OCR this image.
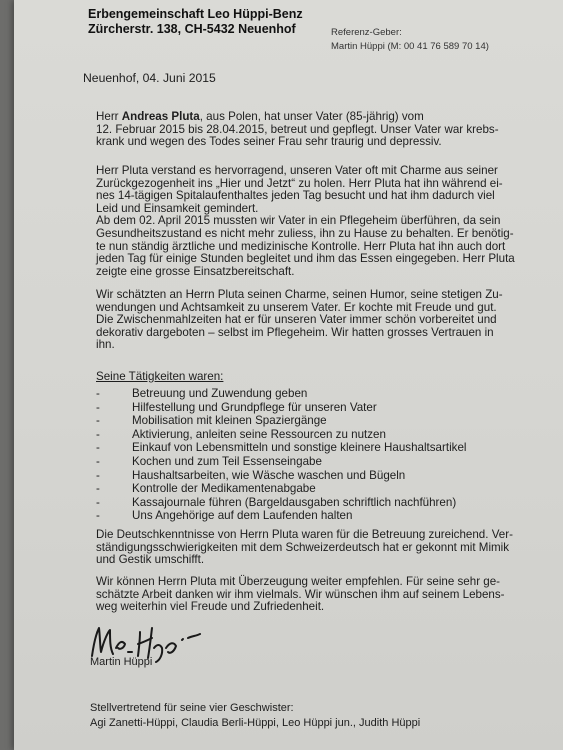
Erbengemeinschaft Leo Hüppi-Benz
Zürcherstr. 138, CH-5432 Neuenhof	Referenz-Geber:
Martin Hüppi (M: 00 41 76 589 70 14)
Neuenhof, 04. Juni 2015
Herr Andreas Pluta, aus Polen, hat unser Vater (85-jährig) vom
12. Februar 2015 bis 28.04.2015, betreut und gepflegt. Unser Vater war krebs-
krank und wegen des Todes seiner Frau sehr traurig und depressiv.
Herr Pluta verstand es hervorragend, unseren Vater oft mit Charme aus seiner
Zurückgezogenheit ins „Hier und Jetzt“ zu holen. Herr Pluta hat ihn während ei-
nes 14-tägigen Spitalaufenthaltes jeden Tag besucht und hat ihm dadurch viel
Leid und Einsamkeit gemindert.
Ab dem 02. April 2015 mussten wir Vater in ein Pflegeheim überführen, da sein
Gesundheitszustand es nicht mehr zuliess, ihn zu Hause zu behalten. Er benötig-
te nun ständig ärztliche und medizinische Kontrolle. Herr Pluta hat ihn auch dort
jeden Tag für einige Stunden begleitet und ihm das Essen eingegeben. Herr Pluta
zeigte eine grosse Einsatzbereitschaft.
Wir schätzten an Herrn Pluta seinen Charme, seinen Humor, seine stetigen Zu-
wendungen und Achtsamkeit zu unserem Vater. Er kochte mit Freude und gut.
Die Zwischenmahlzeiten hat er für unseren Vater immer schön vorbereitet und
dekorativ dargeboten – selbst im Pflegeheim. Wir hatten grosses Vertrauen in
ihn.
Seine Tätigkeiten waren:
-	Betreuung und Zuwendung geben
-	Hilfestellung und Grundpflege für unseren Vater
-	Mobilisation mit kleinen Spaziergänge
-	Aktivierung, anleiten seine Ressourcen zu nutzen
-	Einkauf von Lebensmitteln und sonstige kleinere Haushaltsartikel
-	Kochen und zum Teil Essenseingabe
-	Haushaltsarbeiten, wie Wäsche waschen und Bügeln
-	Kontrolle der Medikamentenabgabe
-	Kassajournale führen (Bargeldausgaben schriftlich nachführen)
-	Uns Angehörige auf dem Laufenden halten
Die Deutschkenntnisse von Herrn Pluta waren für die Betreuung zureichend. Ver-
ständigungsschwierigkeiten mit dem Schweizerdeutsch hat er gekonnt mit Mimik
und Gestik umschifft.
Wir können Herrn Pluta mit Überzeugung weiter empfehlen. Für seine sehr ge-
schätzte Arbeit danken wir ihm vielmals. Wir wünschen ihm auf seinem Lebens-
weg weiterhin viel Freude und Zufriedenheit.
Martin Hüppi
Stellvertretend für seine vier Geschwister:
Agi Zanetti-Hüppi, Claudia Berli-Hüppi, Leo Hüppi jun., Judith Hüppi
